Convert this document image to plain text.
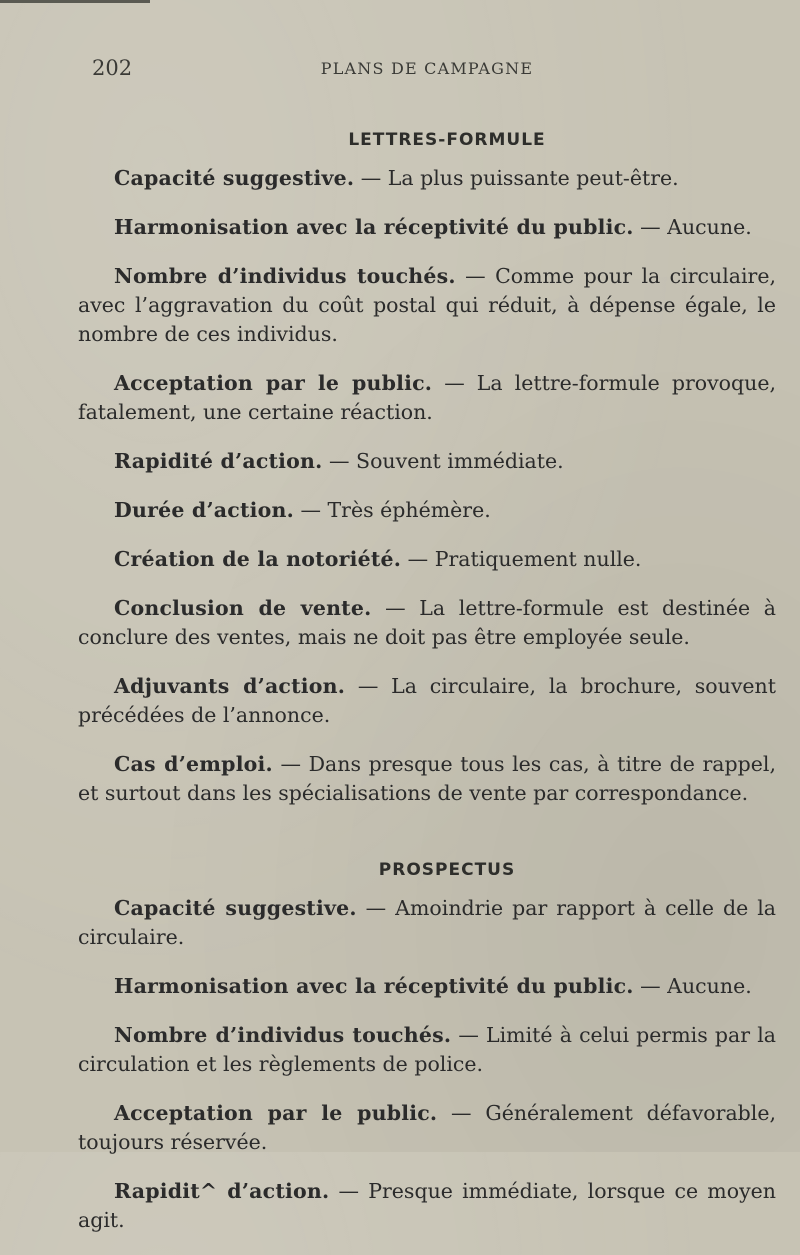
202	PLANS DE CAMPAGNE
LETTRES-FORMULE

Capacité suggestive. — La plus puissante peut-être.

Harmonisation avec la réceptivité du public. — Aucune.

Nombre d’individus touchés. — Comme pour la circulaire, avec l’aggravation du coût postal qui réduit, à dépense égale, le nombre de ces individus.

Acceptation par le public. — La lettre-formule provoque, fatalement, une certaine réaction.

Rapidité d’action. — Souvent immédiate.

Durée d’action. — Très éphémère.

Création de la notoriété. — Pratiquement nulle.

Conclusion de vente. — La lettre-formule est destinée à conclure des ventes, mais ne doit pas être employée seule.

Adjuvants d’action. — La circulaire, la brochure, souvent précédées de l’annonce.

Cas d’emploi. — Dans presque tous les cas, à titre de rappel, et surtout dans les spécialisations de vente par correspondance.

PROSPECTUS

Capacité suggestive. — Amoindrie par rapport à celle de la circulaire.

Harmonisation avec la réceptivité du public. — Aucune.

Nombre d’individus touchés. — Limité à celui permis par la circulation et les règlements de police.

Acceptation par le public. — Généralement défavorable, toujours réservée.

Rapidit^ d’action. — Presque immédiate, lorsque ce moyen agit.
